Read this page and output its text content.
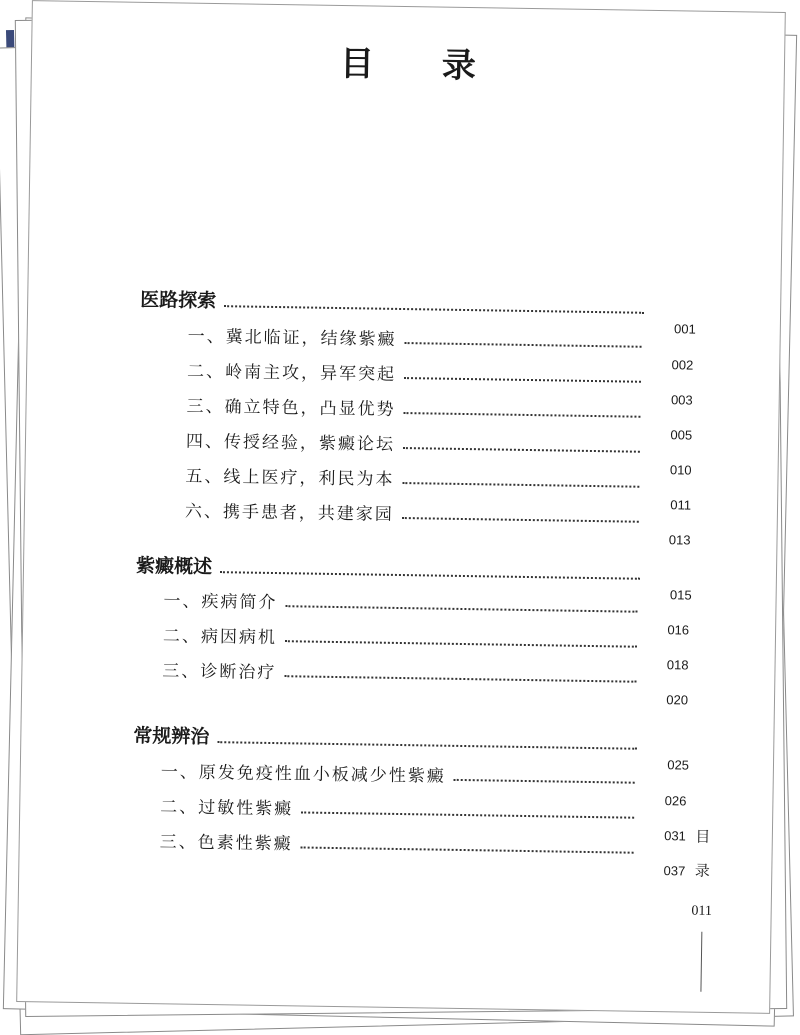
目 录
医路探索
001
一、冀北临证，结缘紫癜
002
二、岭南主攻，异军突起
003
三、确立特色，凸显优势
005
四、传授经验，紫癜论坛
010
五、线上医疗，利民为本
011
六、携手患者，共建家园
013
紫癜概述
015
一、疾病简介
016
二、病因病机
018
三、诊断治疗
020
常规辨治
025
一、原发免疫性血小板减少性紫癜
026
二、过敏性紫癜
031
三、色素性紫癜
037
目
录
011
